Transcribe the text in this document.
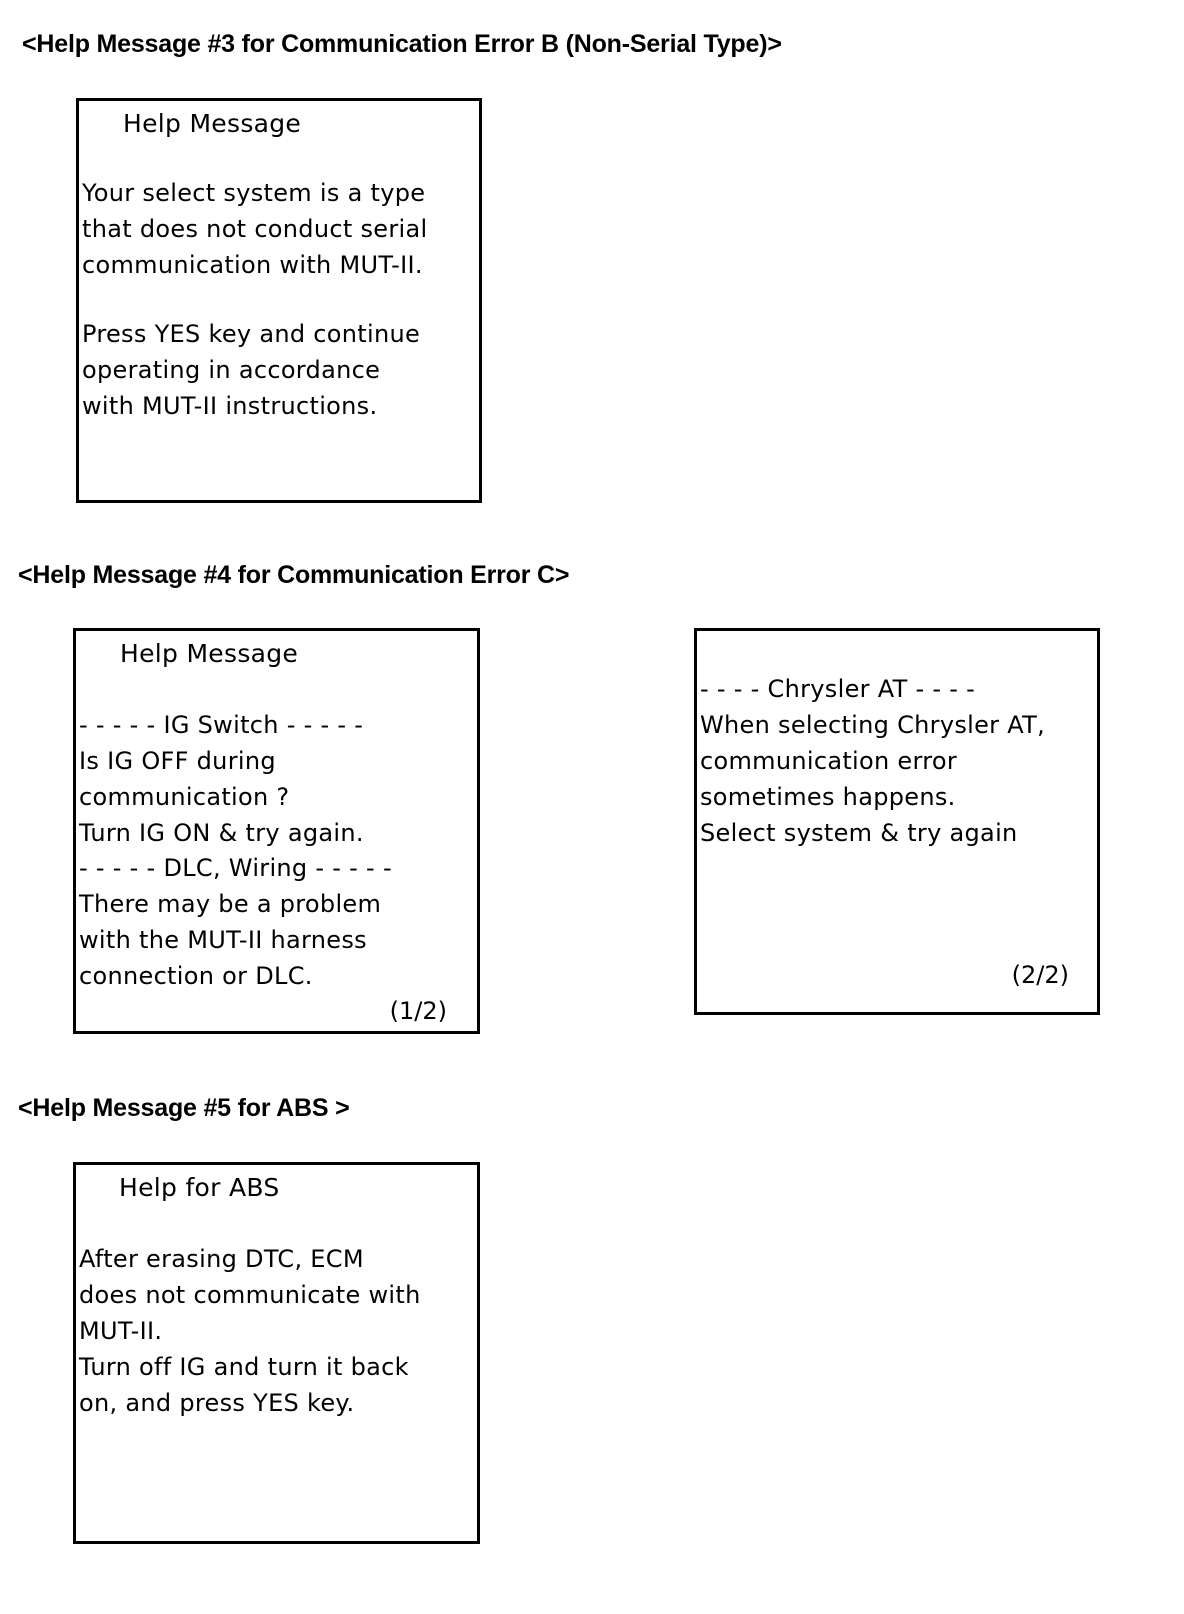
<Help Message #3 for Communication Error B (Non-Serial Type)>
Help Message
Your select system is a type
that does not conduct serial
communication with MUT-II.
Press YES key and continue
operating in accordance
with MUT-II instructions.
<Help Message #4 for Communication Error C>
Help Message
- - - - - IG Switch - - - - -
Is IG OFF during
communication ?
Turn IG ON & try again.
- - - - - DLC, Wiring - - - - -
There may be a problem
with the MUT-II harness
connection or DLC.
(1/2)
- - - - Chrysler AT - - - -
When selecting Chrysler AT,
communication error
sometimes happens.
Select system & try again
(2/2)
<Help Message #5 for ABS >
Help for ABS
After erasing DTC, ECM
does not communicate with
MUT-II.
Turn off IG and turn it back
on, and press YES key.
